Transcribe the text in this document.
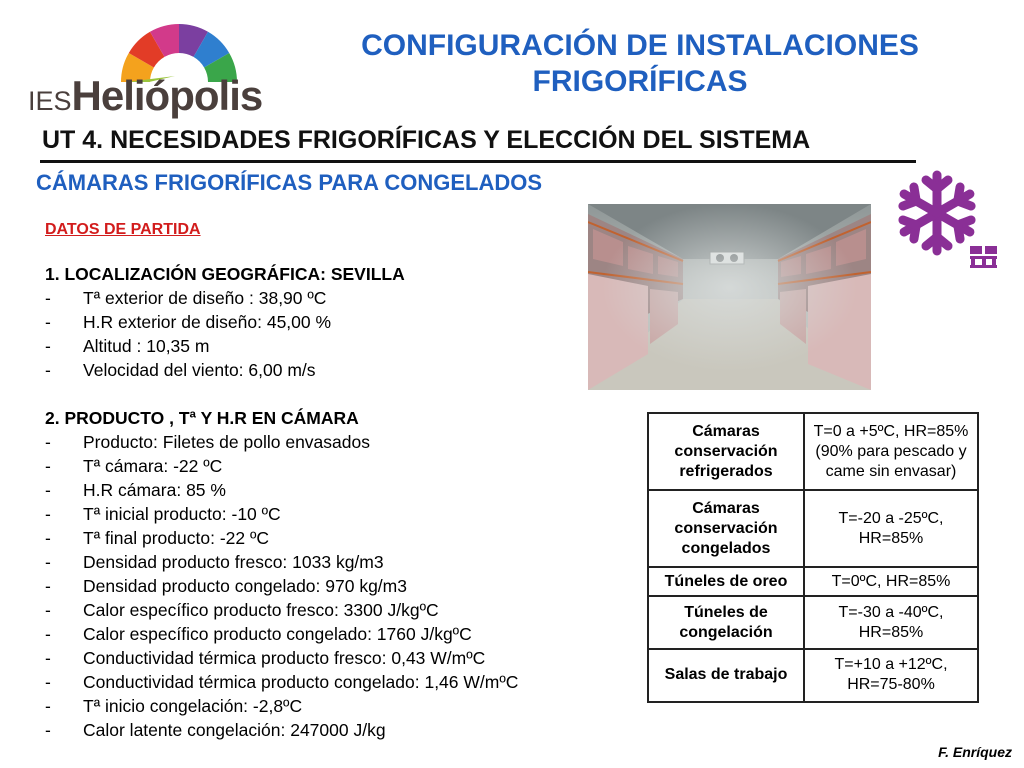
IESHeliópolis
CONFIGURACIÓN DE INSTALACIONES
FRIGORÍFICAS
UT 4. NECESIDADES FRIGORÍFICAS Y ELECCIÓN DEL SISTEMA
CÁMARAS FRIGORÍFICAS PARA CONGELADOS
DATOS DE PARTIDA
1. LOCALIZACIÓN GEOGRÁFICA: SEVILLA
- Tª exterior de diseño : 38,90 ºC
- H.R exterior de diseño: 45,00 %
- Altitud : 10,35 m
- Velocidad del viento: 6,00 m/s
2. PRODUCTO , Tª Y H.R EN CÁMARA
- Producto: Filetes de pollo envasados
- Tª cámara: -22 ºC
- H.R cámara: 85 %
- Tª inicial producto: -10 ºC
- Tª final producto: -22 ºC
- Densidad producto fresco: 1033 kg/m3
- Densidad producto congelado: 970 kg/m3
- Calor específico producto fresco: 3300 J/kgºC
- Calor específico producto congelado: 1760 J/kgºC
- Conductividad térmica producto fresco: 0,43 W/mºC
- Conductividad térmica producto congelado: 1,46 W/mºC
- Tª inicio congelación: -2,8ºC
- Calor latente congelación: 247000 J/kg
Cámaras conservación refrigerados	T=0 a +5ºC, HR=85% (90% para pescado y came sin envasar)
Cámaras conservación congelados	T=-20 a -25ºC, HR=85%
Túneles de oreo	T=0ºC, HR=85%
Túneles de congelación	T=-30 a -40ºC, HR=85%
Salas de trabajo	T=+10 a +12ºC, HR=75-80%
F. Enríquez
